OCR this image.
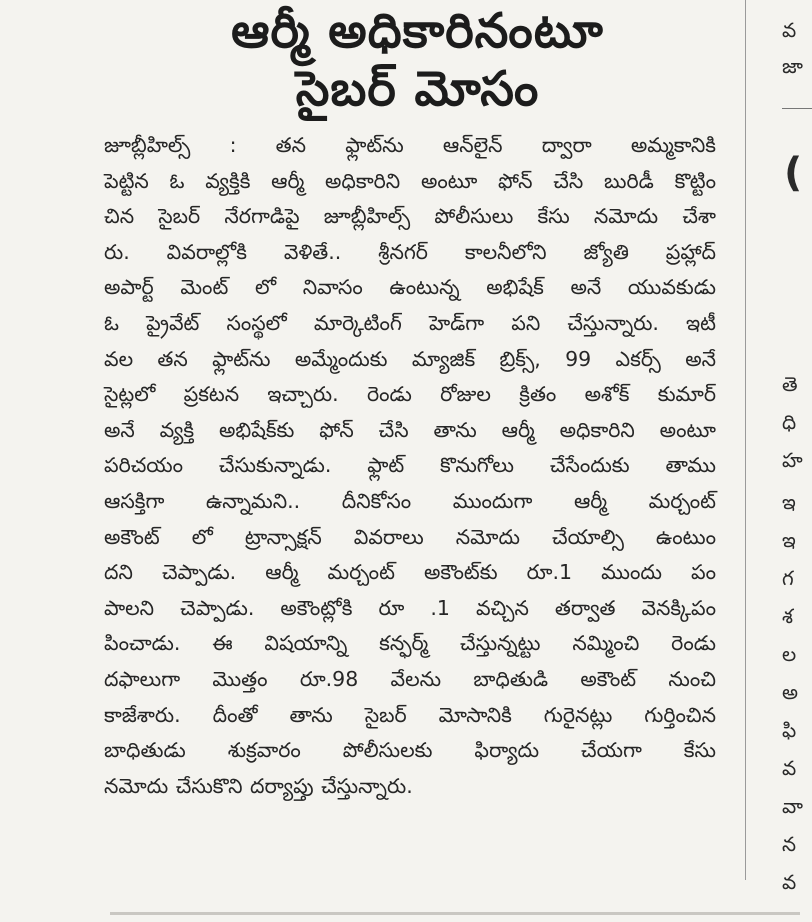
ఆర్మీ అధికారినంటూ
సైబర్ మోసం
జూబ్లీహిల్స్ : తన ఫ్లాట్‌ను ఆన్‌లైన్ ద్వారా అమ్మకానికి
పెట్టిన ఓ వ్యక్తికి ఆర్మీ అధికారిని అంటూ ఫోన్ చేసి బురిడీ కొట్టిం
చిన సైబర్ నేరగాడిపై జూబ్లీహిల్స్ పోలీసులు కేసు నమోదు చేశా
రు. వివరాల్లోకి వెళితే.. శ్రీనగర్ కాలనీలోని జ్యోతి ప్రహ్లాద్
అపార్ట్ మెంట్ లో నివాసం ఉంటున్న అభిషేక్ అనే యువకుడు
ఓ ప్రైవేట్ సంస్థలో మార్కెటింగ్ హెడ్‌గా పని చేస్తున్నారు. ఇటీ
వల తన ఫ్లాట్‌ను అమ్మేందుకు మ్యాజిక్ బ్రిక్స్, 99 ఎకర్స్ అనే
సైట్లలో ప్రకటన ఇచ్చారు. రెండు రోజుల క్రితం అశోక్ కుమార్
అనే వ్యక్తి అభిషేక్‌కు ఫోన్ చేసి తాను ఆర్మీ అధికారిని అంటూ
పరిచయం చేసుకున్నాడు. ఫ్లాట్ కొనుగోలు చేసేందుకు తాము
ఆసక్తిగా ఉన్నామని.. దీనికోసం ముందుగా ఆర్మీ మర్చంట్
అకౌంట్ లో ట్రాన్సాక్షన్ వివరాలు నమోదు చేయాల్సి ఉంటుం
దని చెప్పాడు. ఆర్మీ మర్చంట్ అకౌంట్‌కు రూ.1 ముందు పం
పాలని చెప్పాడు. అకౌంట్లోకి రూ .1 వచ్చిన తర్వాత వెనక్కిపం
పించాడు. ఈ విషయాన్ని కన్ఫర్మ్ చేస్తున్నట్టు నమ్మించి రెండు
దఫాలుగా మొత్తం రూ.98 వేలను బాధితుడి అకౌంట్ నుంచి
కాజేశారు. దీంతో తాను సైబర్ మోసానికి గురైనట్లు గుర్తించిన
బాధితుడు శుక్రవారం పోలీసులకు ఫిర్యాదు చేయగా కేసు
నమోదు చేసుకొని దర్యాప్తు చేస్తున్నారు.
వ
జా
(
తె
ధి
హ
ఇ
ఇ
గ
శ
ల
అ
ఫి
వ
వా
న
వ
